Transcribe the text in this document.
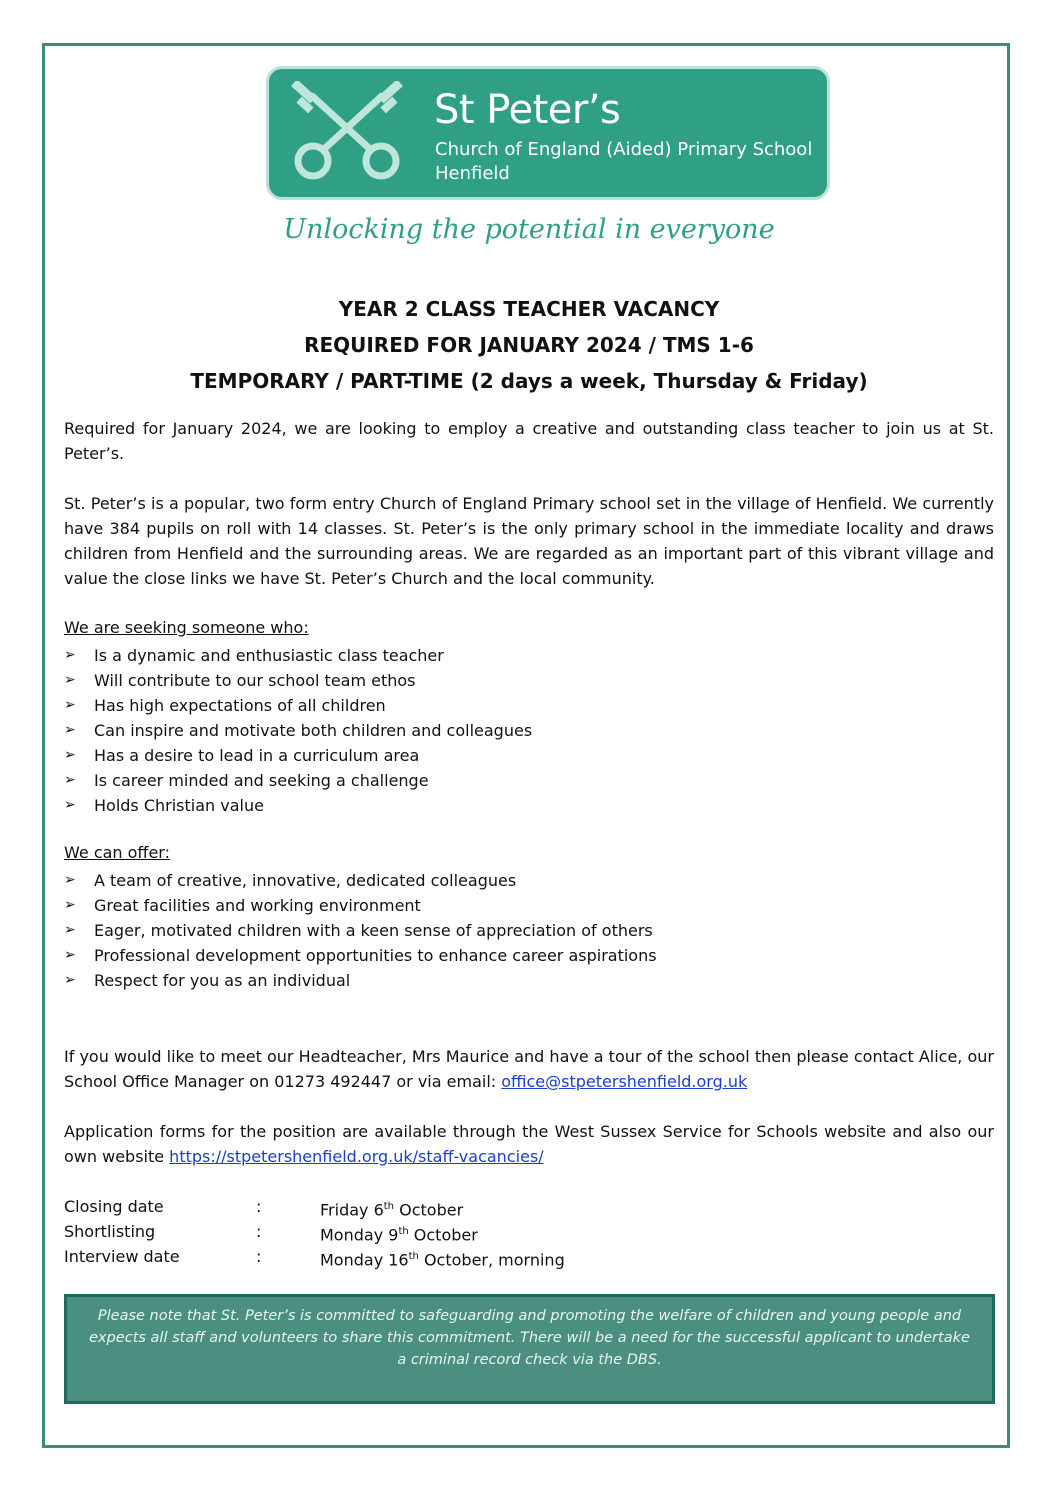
St Peter’s
Church of England (Aided) Primary School
Henfield
Unlocking the potential in everyone
YEAR 2 CLASS TEACHER VACANCY
REQUIRED FOR JANUARY 2024 / TMS 1-6
TEMPORARY / PART-TIME (2 days a week, Thursday & Friday)
Required for January 2024, we are looking to employ a creative and outstanding class teacher to join us at St. Peter’s.
St. Peter’s is a popular, two form entry Church of England Primary school set in the village of Henfield. We currently have 384 pupils on roll with 14 classes. St. Peter’s is the only primary school in the immediate locality and draws children from Henfield and the surrounding areas. We are regarded as an important part of this vibrant village and value the close links we have St. Peter’s Church and the local community.
We are seeking someone who:
➢ Is a dynamic and enthusiastic class teacher
➢ Will contribute to our school team ethos
➢ Has high expectations of all children
➢ Can inspire and motivate both children and colleagues
➢ Has a desire to lead in a curriculum area
➢ Is career minded and seeking a challenge
➢ Holds Christian value
We can offer:
➢ A team of creative, innovative, dedicated colleagues
➢ Great facilities and working environment
➢ Eager, motivated children with a keen sense of appreciation of others
➢ Professional development opportunities to enhance career aspirations
➢ Respect for you as an individual
If you would like to meet our Headteacher, Mrs Maurice and have a tour of the school then please contact Alice, our School Office Manager on 01273 492447 or via email: office@stpetershenfield.org.uk
Application forms for the position are available through the West Sussex Service for Schools website and also our own website https://stpetershenfield.org.uk/staff-vacancies/
Closing date	:	Friday 6th October
Shortlisting	:	Monday 9th October
Interview date	:	Monday 16th October, morning
Please note that St. Peter’s is committed to safeguarding and promoting the welfare of children and young people and expects all staff and volunteers to share this commitment. There will be a need for the successful applicant to undertake a criminal record check via the DBS.
